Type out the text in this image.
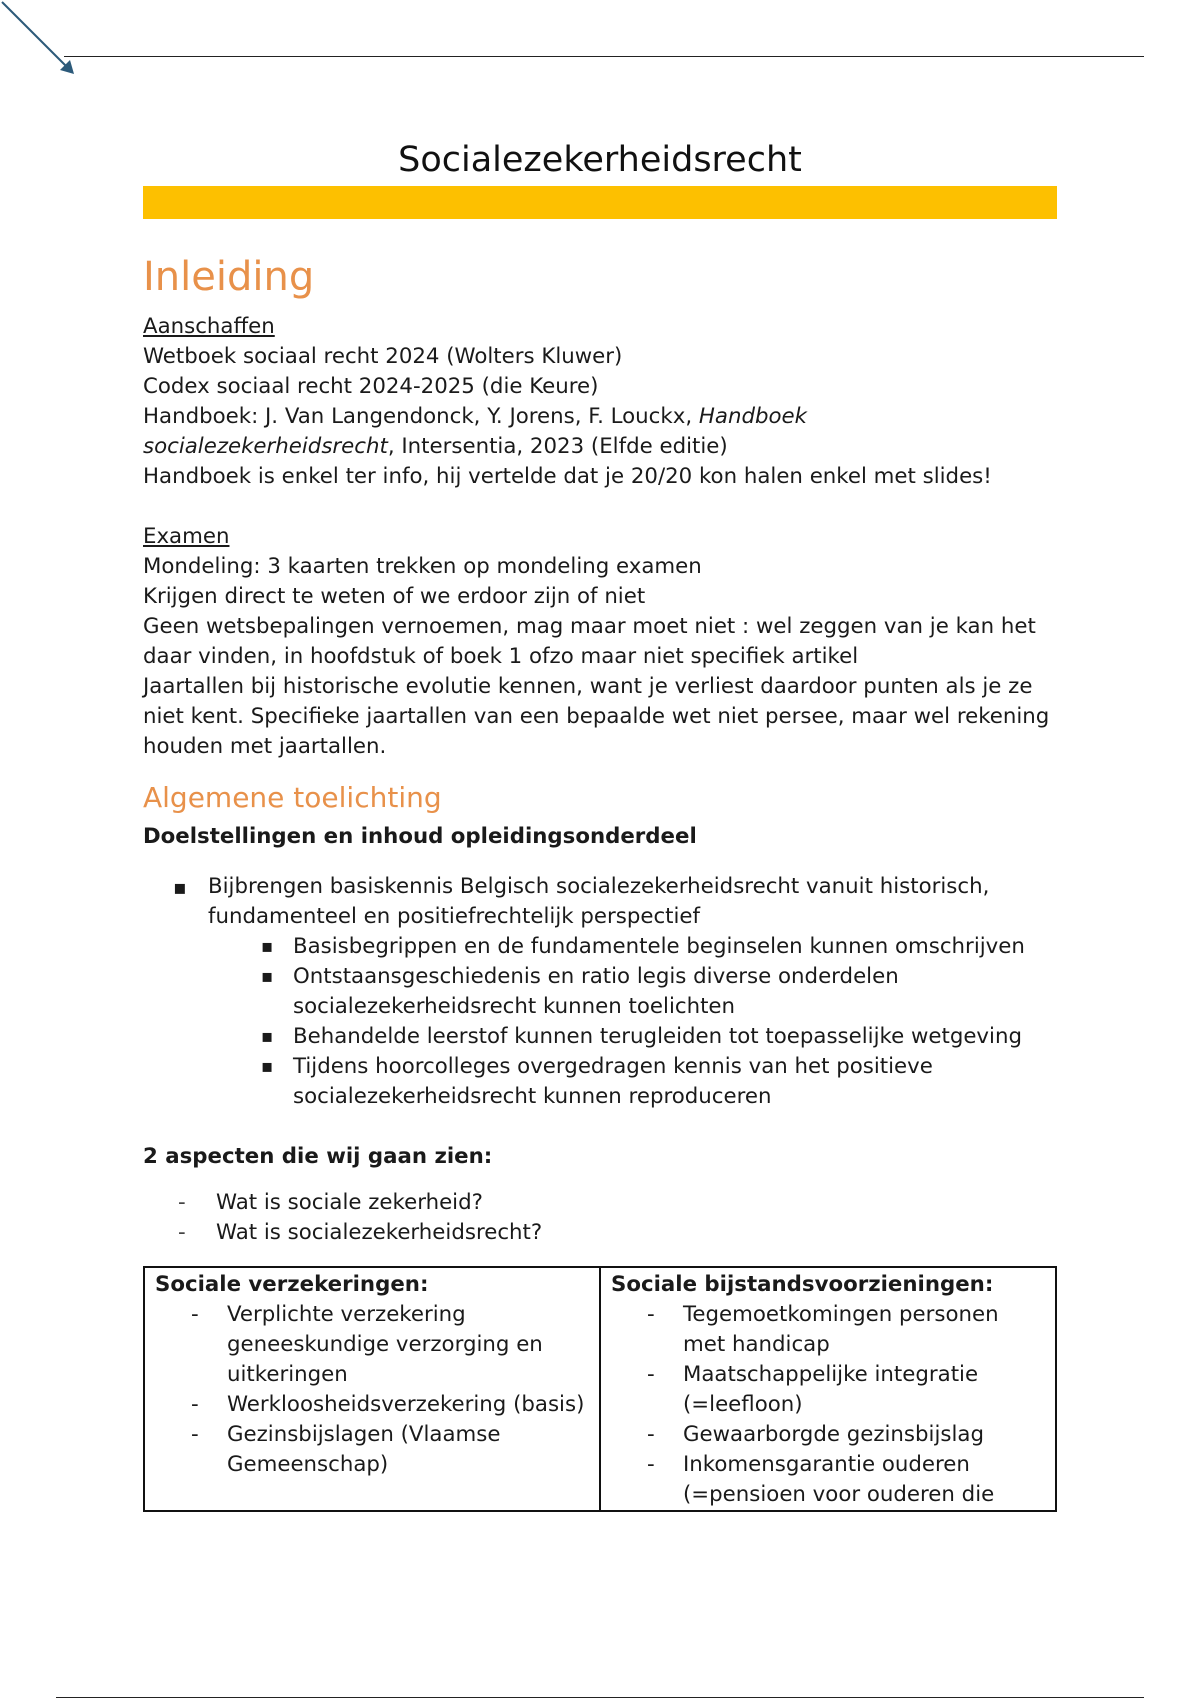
Socialezekerheidsrecht
Inleiding

Aanschaffen

Wetboek sociaal recht 2024 (Wolters Kluwer)

Codex sociaal recht 2024-2025 (die Keure)

Handboek: J. Van Langendonck, Y. Jorens, F. Louckx, Handboek socialezekerheidsrecht, Intersentia, 2023 (Elfde editie)

Handboek is enkel ter info, hij vertelde dat je 20/20 kon halen enkel met slides!

Examen

Mondeling: 3 kaarten trekken op mondeling examen

Krijgen direct te weten of we erdoor zijn of niet

Geen wetsbepalingen vernoemen, mag maar moet niet : wel zeggen van je kan het daar vinden, in hoofdstuk of boek 1 ofzo maar niet specifiek artikel

Jaartallen bij historische evolutie kennen, want je verliest daardoor punten als je ze niet kent. Specifieke jaartallen van een bepaalde wet niet persee, maar wel rekening houden met jaartallen.

Algemene toelichting

Doelstellingen en inhoud opleidingsonderdeel

▪ Bijbrengen basiskennis Belgisch socialezekerheidsrecht vanuit historisch, fundamenteel en positiefrechtelijk perspectief
▪ Basisbegrippen en de fundamentele beginselen kunnen omschrijven
▪ Ontstaansgeschiedenis en ratio legis diverse onderdelen socialezekerheidsrecht kunnen toelichten
▪ Behandelde leerstof kunnen terugleiden tot toepasselijke wetgeving
▪ Tijdens hoorcolleges overgedragen kennis van het positieve socialezekerheidsrecht kunnen reproduceren

2 aspecten die wij gaan zien:

- Wat is sociale zekerheid?
- Wat is socialezekerheidsrecht?
Sociale verzekeringen:
- Verplichte verzekering geneeskundige verzorging en uitkeringen
- Werkloosheidsverzekering (basis)
- Gezinsbijslagen (Vlaamse Gemeenschap)

Sociale bijstandsvoorzieningen:
- Tegemoetkomingen personen met handicap
- Maatschappelijke integratie (=leefloon)
- Gewaarborgde gezinsbijslag
- Inkomensgarantie ouderen (=pensioen voor ouderen die
